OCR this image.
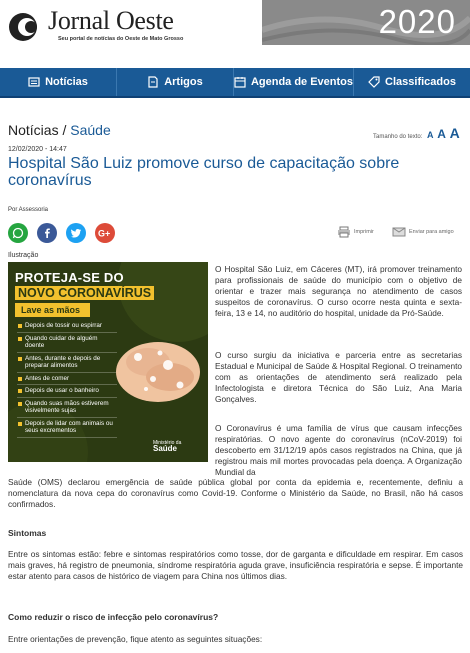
Jornal Oeste
Seu portal de notícias do Oeste de Mato Grosso	2020
Notícias	Artigos	Agenda de Eventos	Classificados
Notícias / Saúde	Tamanho do texto: A A A
12/02/2020 - 14:47
Hospital São Luiz promove curso de capacitação sobre coronavírus
Por Assessoria
G+	Imprimir	Enviar para amigo
Ilustração
PROTEJA-SE DO
NOVO CORONAVÍRUS
Lave as mãos
Depois de tossir ou espirrar
Quando cuidar de alguém doente
Antes, durante e depois de preparar alimentos
Antes de comer
Depois de usar o banheiro
Quando suas mãos estiverem visivelmente sujas
Depois de lidar com animais ou seus excrementos
Ministério da
Saúde
O Hospital São Luiz, em Cáceres (MT), irá promover treinamento para profissionais de saúde do município com o objetivo de orientar e trazer mais segurança no atendimento de casos suspeitos de coronavírus. O curso ocorre nesta quinta e sexta-feira, 13 e 14, no auditório do hospital, unidade da Pró-Saúde.
O curso surgiu da iniciativa e parceria entre as secretarias Estadual e Municipal de Saúde & Hospital Regional. O treinamento com as orientações de atendimento será realizado pela Infectologista e diretora Técnica do São Luiz, Ana Maria Gonçalves.
O Coronavírus é uma família de vírus que causam infecções respiratórias. O novo agente do coronavírus (nCoV-2019) foi descoberto em 31/12/19 após casos registrados na China, que já registrou mais mil mortes provocadas pela doença. A Organização Mundial da
Saúde (OMS) declarou emergência de saúde pública global por conta da epidemia e, recentemente, definiu a nomenclatura da nova cepa do coronavírus como Covid-19. Conforme o Ministério da Saúde, no Brasil, não há casos confirmados.
Sintomas
Entre os sintomas estão: febre e sintomas respiratórios como tosse, dor de garganta e dificuldade em respirar. Em casos mais graves, há registro de pneumonia, síndrome respiratória aguda grave, insuficiência respiratória e sepse. É importante estar atento para casos de histórico de viagem para China nos últimos dias.
Como reduzir o risco de infecção pelo coronavírus?
Entre orientações de prevenção, fique atento as seguintes situações:
